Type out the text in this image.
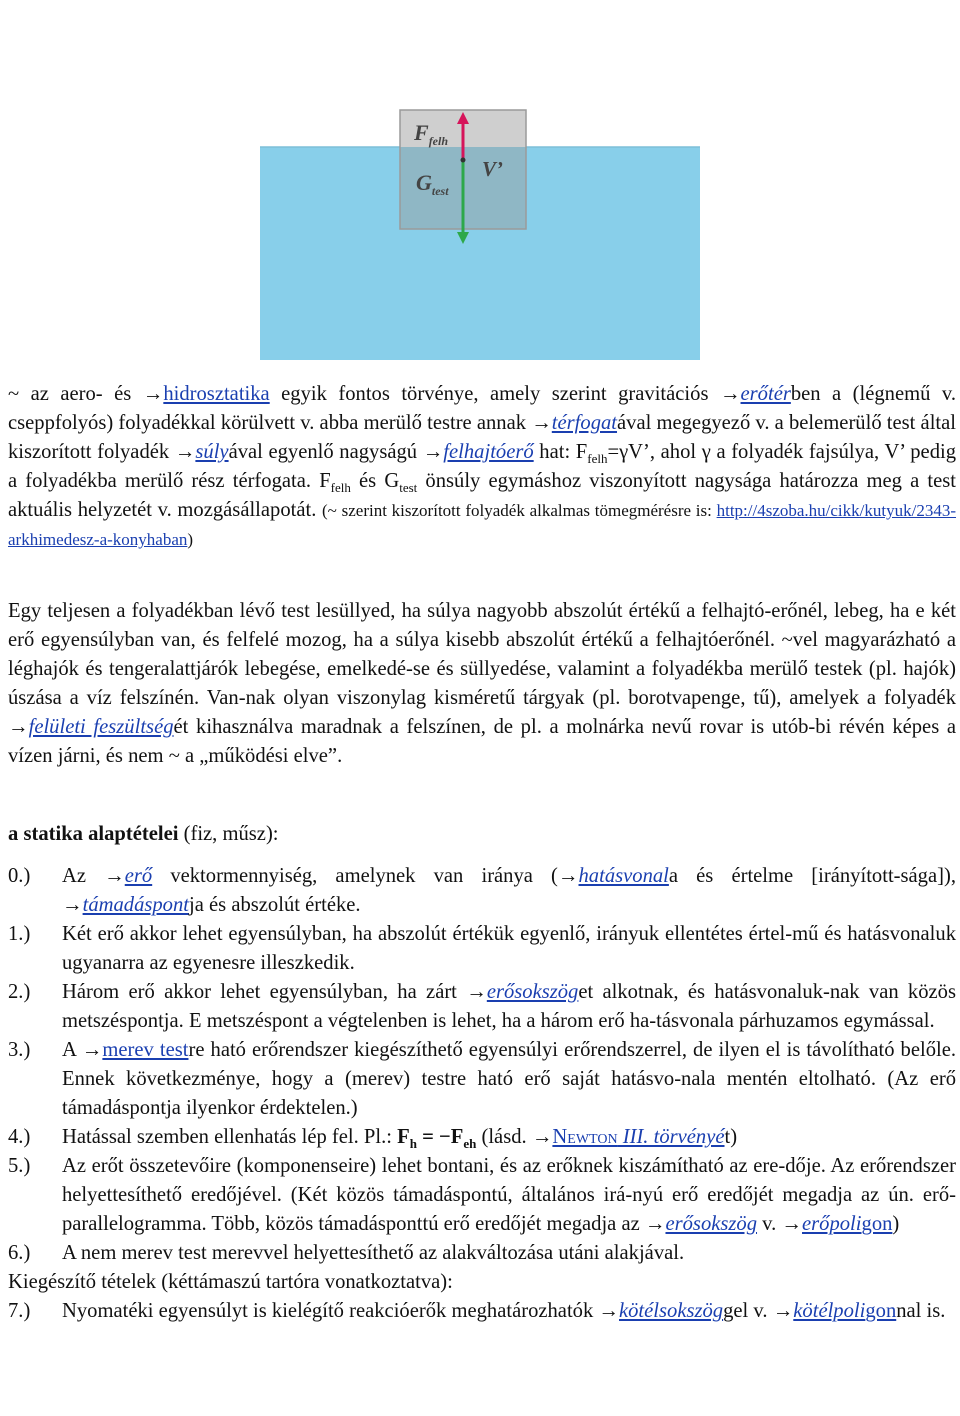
$F_{felh}$
$G_{test}$
V’
~ az aero- és →hidrosztatika egyik fontos törvénye, amely szerint gravitációs →erőtérben a (légnemű v. cseppfolyós) folyadékkal körülvett v. abba merülő testre annak →térfogatával megegyező v. a belemerülő test által kiszorított folyadék →súlyával egyenlő nagyságú →felhajtóerő hat: $F_{felh}=\gamma V$’, ahol γ a folyadék fajsúlya, V’ pedig a folyadékba merülő rész térfogata. $F_{felh}$ és $G_{test}$ önsúly egymáshoz viszonyított nagysága határozza meg a test aktuális helyzetét v. mozgásállapotát. (~ szerint kiszorított folyadék alkalmas tömegmérésre is: http://4szoba.hu/cikk/kutyuk/2343-arkhimedesz-a-konyhaban)
Egy teljesen a folyadékban lévő test lesüllyed, ha súlya nagyobb abszolút értékű a felhajtó-erőnél, lebeg, ha e két erő egyensúlyban van, és felfelé mozog, ha a súlya kisebb abszolút értékű a felhajtóerőnél. ~vel magyarázható a léghajók és tengeralattjárók lebegése, emelkedé-se és süllyedése, valamint a folyadékba merülő testek (pl. hajók) úszása a víz felszínén. Van-nak olyan viszonylag kisméretű tárgyak (pl. borotvapenge, tű), amelyek a folyadék →felületi feszültségét kihasználva maradnak a felszínen, de pl. a molnárka nevű rovar is utób-bi révén képes a vízen járni, és nem ~ a „működési elve”.
a statika alaptételei (fiz, műsz):
0.)	Az →erő vektormennyiség, amelynek van iránya (→hatásvonala és értelme [irányított-sága]), →támadáspontja és abszolút értéke.
1.)	Két erő akkor lehet egyensúlyban, ha abszolút értékük egyenlő, irányuk ellentétes értel-mű és hatásvonaluk ugyanarra az egyenesre illeszkedik.
2.)	Három erő akkor lehet egyensúlyban, ha zárt →erősokszöget alkotnak, és hatásvonaluk-nak van közös metszéspontja. E metszéspont a végtelenben is lehet, ha a három erő ha-tásvonala párhuzamos egymással.
3.)	A →merev testre ható erőrendszer kiegészíthető egyensúlyi erőrendszerrel, de ilyen el is távolítható belőle. Ennek következménye, hogy a (merev) testre ható erő saját hatásvo-nala mentén eltolható. (Az erő támadáspontja ilyenkor érdektelen.)
4.)	Hatással szemben ellenhatás lép fel. Pl.: $F_h = -F_{eh}$ (lásd. →Newton III. törvényét)
5.)	Az erőt összetevőire (komponenseire) lehet bontani, és az erőknek kiszámítható az ere-dője. Az erőrendszer helyettesíthető eredőjével. (Két közös támadáspontú, általános irá-nyú erő eredőjét megadja az ún. erő-parallelogramma. Több, közös támadásponttú erő eredőjét megadja az →erősokszög v. →erőpoligon)
6.)	A nem merev test merevvel helyettesíthető az alakváltozása utáni alakjával.
Kiegészítő tételek (kéttámaszú tartóra vonatkoztatva):
7.)	Nyomatéki egyensúlyt is kielégítő reakcióerők meghatározhatók →kötélsokszöggel v. →kötélpoligonnal is.
